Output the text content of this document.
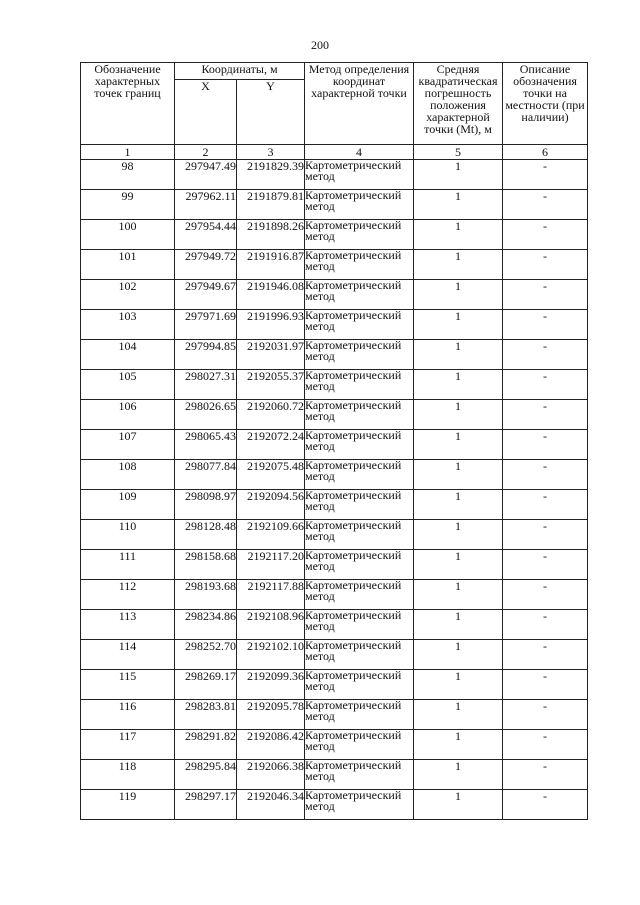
200
Обозначение характерных точек границ	Координаты, м		Метод определения координат характерной точки	Средняя квадратическая погрешность положения характерной точки (Mt), м	Описание обозначения точки на местности (при наличии)
	X	Y			
1	2	3	4	5	6
98	297947.49	2191829.39	Картометрический метод	1	-
99	297962.11	2191879.81	Картометрический метод	1	-
100	297954.44	2191898.26	Картометрический метод	1	-
101	297949.72	2191916.87	Картометрический метод	1	-
102	297949.67	2191946.08	Картометрический метод	1	-
103	297971.69	2191996.93	Картометрический метод	1	-
104	297994.85	2192031.97	Картометрический метод	1	-
105	298027.31	2192055.37	Картометрический метод	1	-
106	298026.65	2192060.72	Картометрический метод	1	-
107	298065.43	2192072.24	Картометрический метод	1	-
108	298077.84	2192075.48	Картометрический метод	1	-
109	298098.97	2192094.56	Картометрический метод	1	-
110	298128.48	2192109.66	Картометрический метод	1	-
111	298158.68	2192117.20	Картометрический метод	1	-
112	298193.68	2192117.88	Картометрический метод	1	-
113	298234.86	2192108.96	Картометрический метод	1	-
114	298252.70	2192102.10	Картометрический метод	1	-
115	298269.17	2192099.36	Картометрический метод	1	-
116	298283.81	2192095.78	Картометрический метод	1	-
117	298291.82	2192086.42	Картометрический метод	1	-
118	298295.84	2192066.38	Картометрический метод	1	-
119	298297.17	2192046.34	Картометрический метод	1	-
